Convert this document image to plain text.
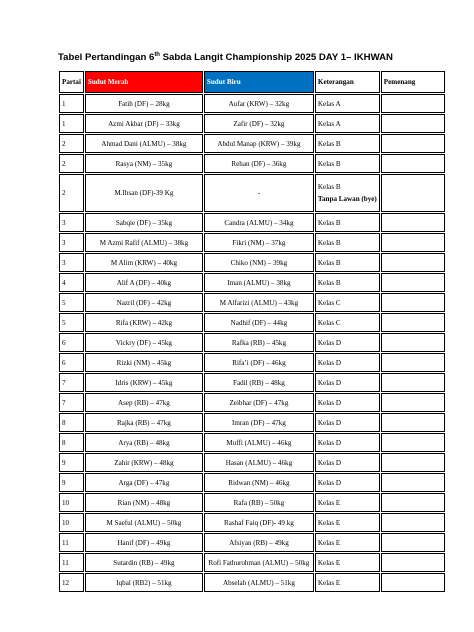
Tabel Pertandingan 6th Sabda Langit Championship 2025 DAY 1– IKHWAN
Partai	Sudut Merah	Sudut Biru	Keterangan	Pemenang
1	Fatih (DF) – 28kg	Aufar (KRW) – 32kg	Kelas A	
1	Azmi Akbar (DF) – 33kg	Zafir (DF) – 32kg	Kelas A	
2	Ahmad Dani (ALMU) – 38kg	Abdul Manap (KRW) – 39kg	Kelas B	
2	Rasya (NM) – 35kg	Rehan (DF) – 36kg	Kelas B	
2	M.Ihsan (DF)-39 Kg	-	Kelas B
Tanpa Lawan (bye)	

3	Sabqie (DF) – 35kg	Candra (ALMU) – 34kg	Kelas B	
3	M Azmi Rafif (ALMU) – 38kg	Fikri (NM) – 37kg	Kelas B	
3	M Alim (KRW) – 40kg	Chiko (NM) – 39kg	Kelas B	
4	Alif A (DF) – 40kg	Iman (ALMU) – 38kg	Kelas B	
5	Nazril (DF) – 42kg	M Alfarizi (ALMU) – 43kg	Kelas C	
5	Rifa (KRW) – 42kg	Nadhif (DF) – 44kg	Kelas C	
6	Vickry (DF) – 45kg	Rafka (RB) – 45kg	Kelas D	
6	Rizki (NM) – 45kg	Rifa’i (DF) – 46kg	Kelas D	
7	Idris (KRW) – 45kg	Fadil (RB) – 48kg	Kelas D	
7	Asep (RB) – 47kg	Zeibhar (DF) – 47kg	Kelas D	
8	Rajka (RB) – 47kg	Imran (DF) – 47kg	Kelas D	
8	Arya (RB) – 48kg	Muffi (ALMU) – 46kg	Kelas D	
9	Zahir (KRW) – 48kg	Hasan (ALMU) – 46kg	Kelas D	
9	Arga (DF) – 47kg	Ridwan (NM) – 46kg	Kelas D	
10	Rian (NM) – 48kg	Rafa (RB) – 50kg	Kelas E	
10	M Saeful (ALMU) – 50kg	Rashaf Faiq (DF)- 49 kg	Kelas E	
11	Hanif (DF) – 49kg	Afsiyan (RB) – 49kg	Kelas E	
11	Sutardin (RB) – 49kg	Rofi Fathurohman (ALMU) – 50kg	Kelas E	
12	Iqbal (RB2) – 51kg	Abselah (ALMU) – 51kg	Kelas E	
